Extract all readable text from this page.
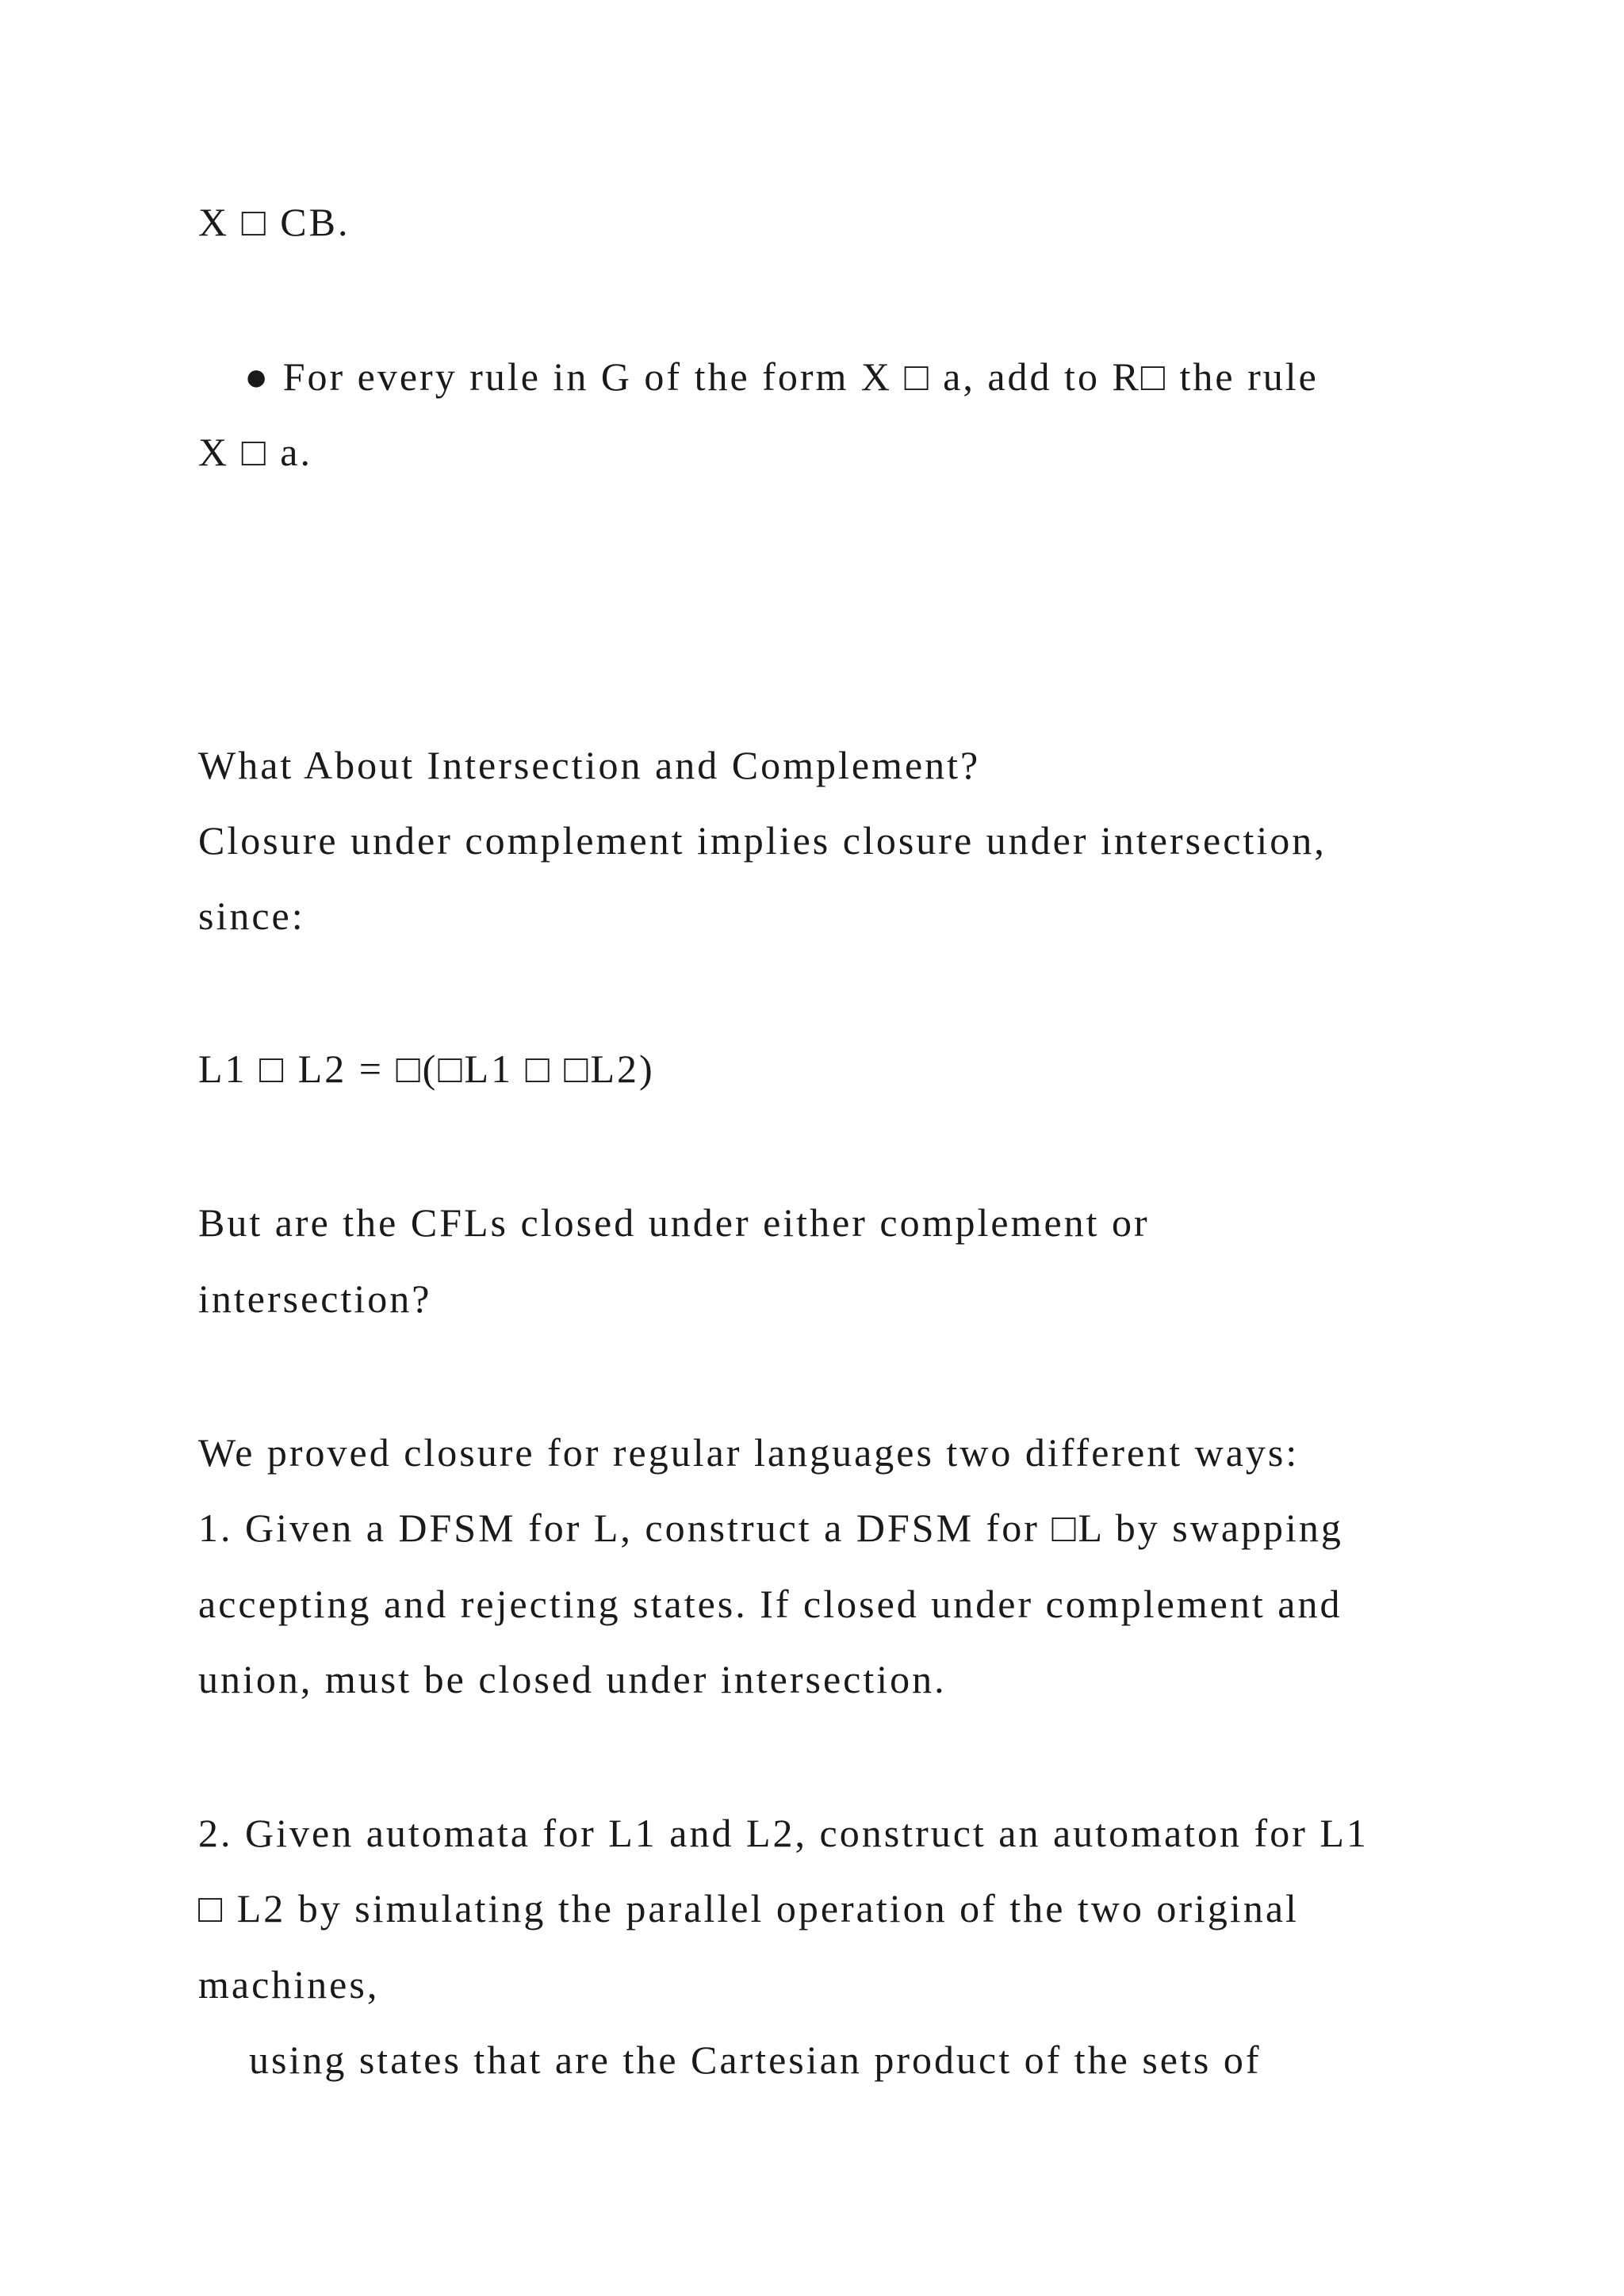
X □ CB.
● For every rule in G of the form X □ a, add to R□ the rule
X □ a.
What About Intersection and Complement?
Closure under complement implies closure under intersection,
since:
L1 □ L2 = □(□L1 □ □L2)
But are the CFLs closed under either complement or
intersection?
We proved closure for regular languages two different ways:
1. Given a DFSM for L, construct a DFSM for □L by swapping
accepting and rejecting states. If closed under complement and
union, must be closed under intersection.
2. Given automata for L1 and L2, construct an automaton for L1
□ L2 by simulating the parallel operation of the two original
machines,
using states that are the Cartesian product of the sets of
